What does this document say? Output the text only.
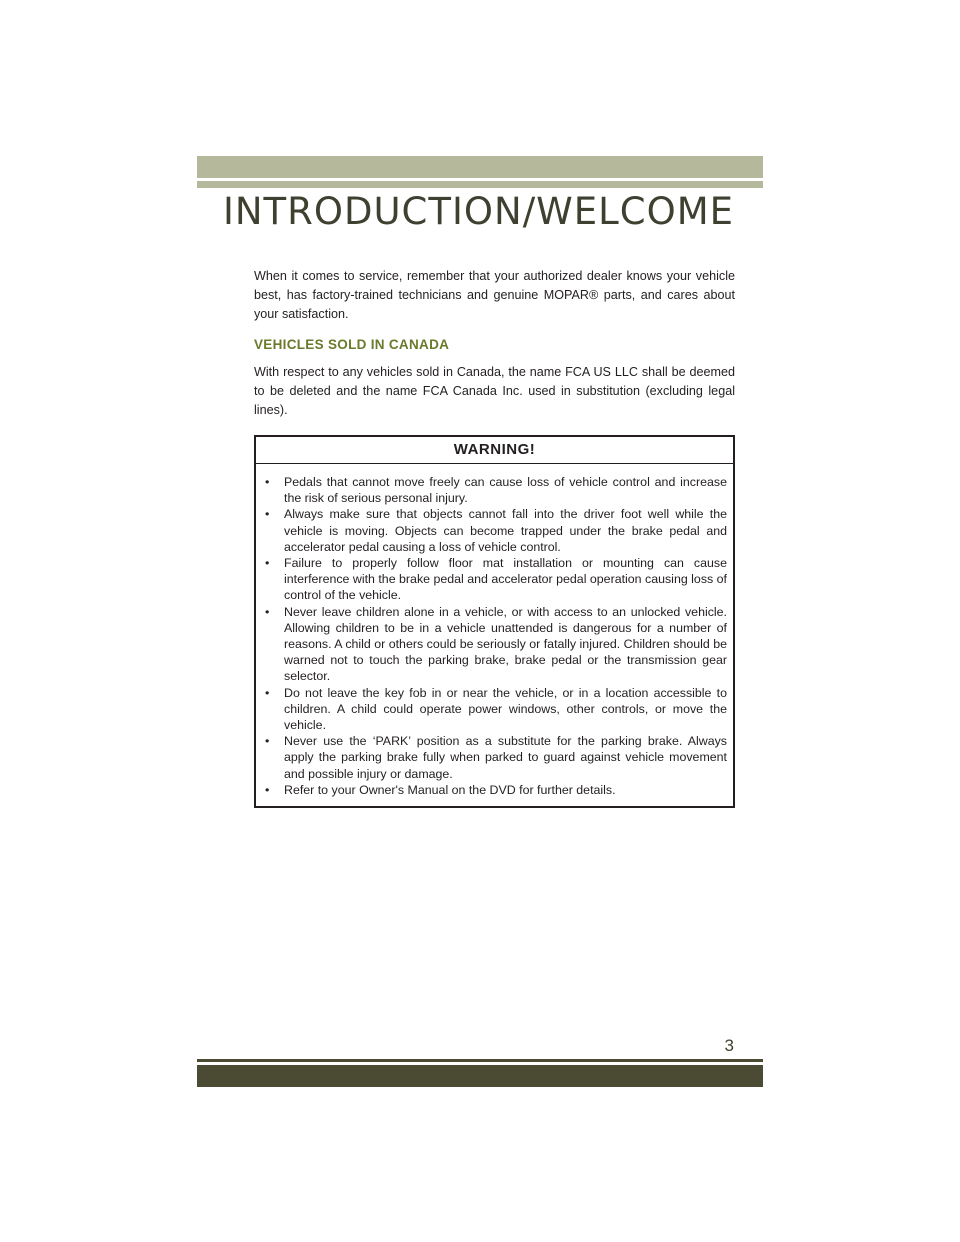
INTRODUCTION/WELCOME

When it comes to service, remember that your authorized dealer knows your vehicle best, has factory-trained technicians and genuine MOPAR® parts, and cares about your satisfaction.

VEHICLES SOLD IN CANADA

With respect to any vehicles sold in Canada, the name FCA US LLC shall be deemed to be deleted and the name FCA Canada Inc. used in substitution (excluding legal lines).

WARNING!
• Pedals that cannot move freely can cause loss of vehicle control and increase the risk of serious personal injury.
• Always make sure that objects cannot fall into the driver foot well while the vehicle is moving. Objects can become trapped under the brake pedal and accelerator pedal causing a loss of vehicle control.
• Failure to properly follow floor mat installation or mounting can cause interference with the brake pedal and accelerator pedal operation causing loss of control of the vehicle.
• Never leave children alone in a vehicle, or with access to an unlocked vehicle. Allowing children to be in a vehicle unattended is dangerous for a number of reasons. A child or others could be seriously or fatally injured. Children should be warned not to touch the parking brake, brake pedal or the transmission gear selector.
• Do not leave the key fob in or near the vehicle, or in a location accessible to children. A child could operate power windows, other controls, or move the vehicle.
• Never use the ‘PARK’ position as a substitute for the parking brake. Always apply the parking brake fully when parked to guard against vehicle movement and possible injury or damage.
• Refer to your Owner's Manual on the DVD for further details.
3
